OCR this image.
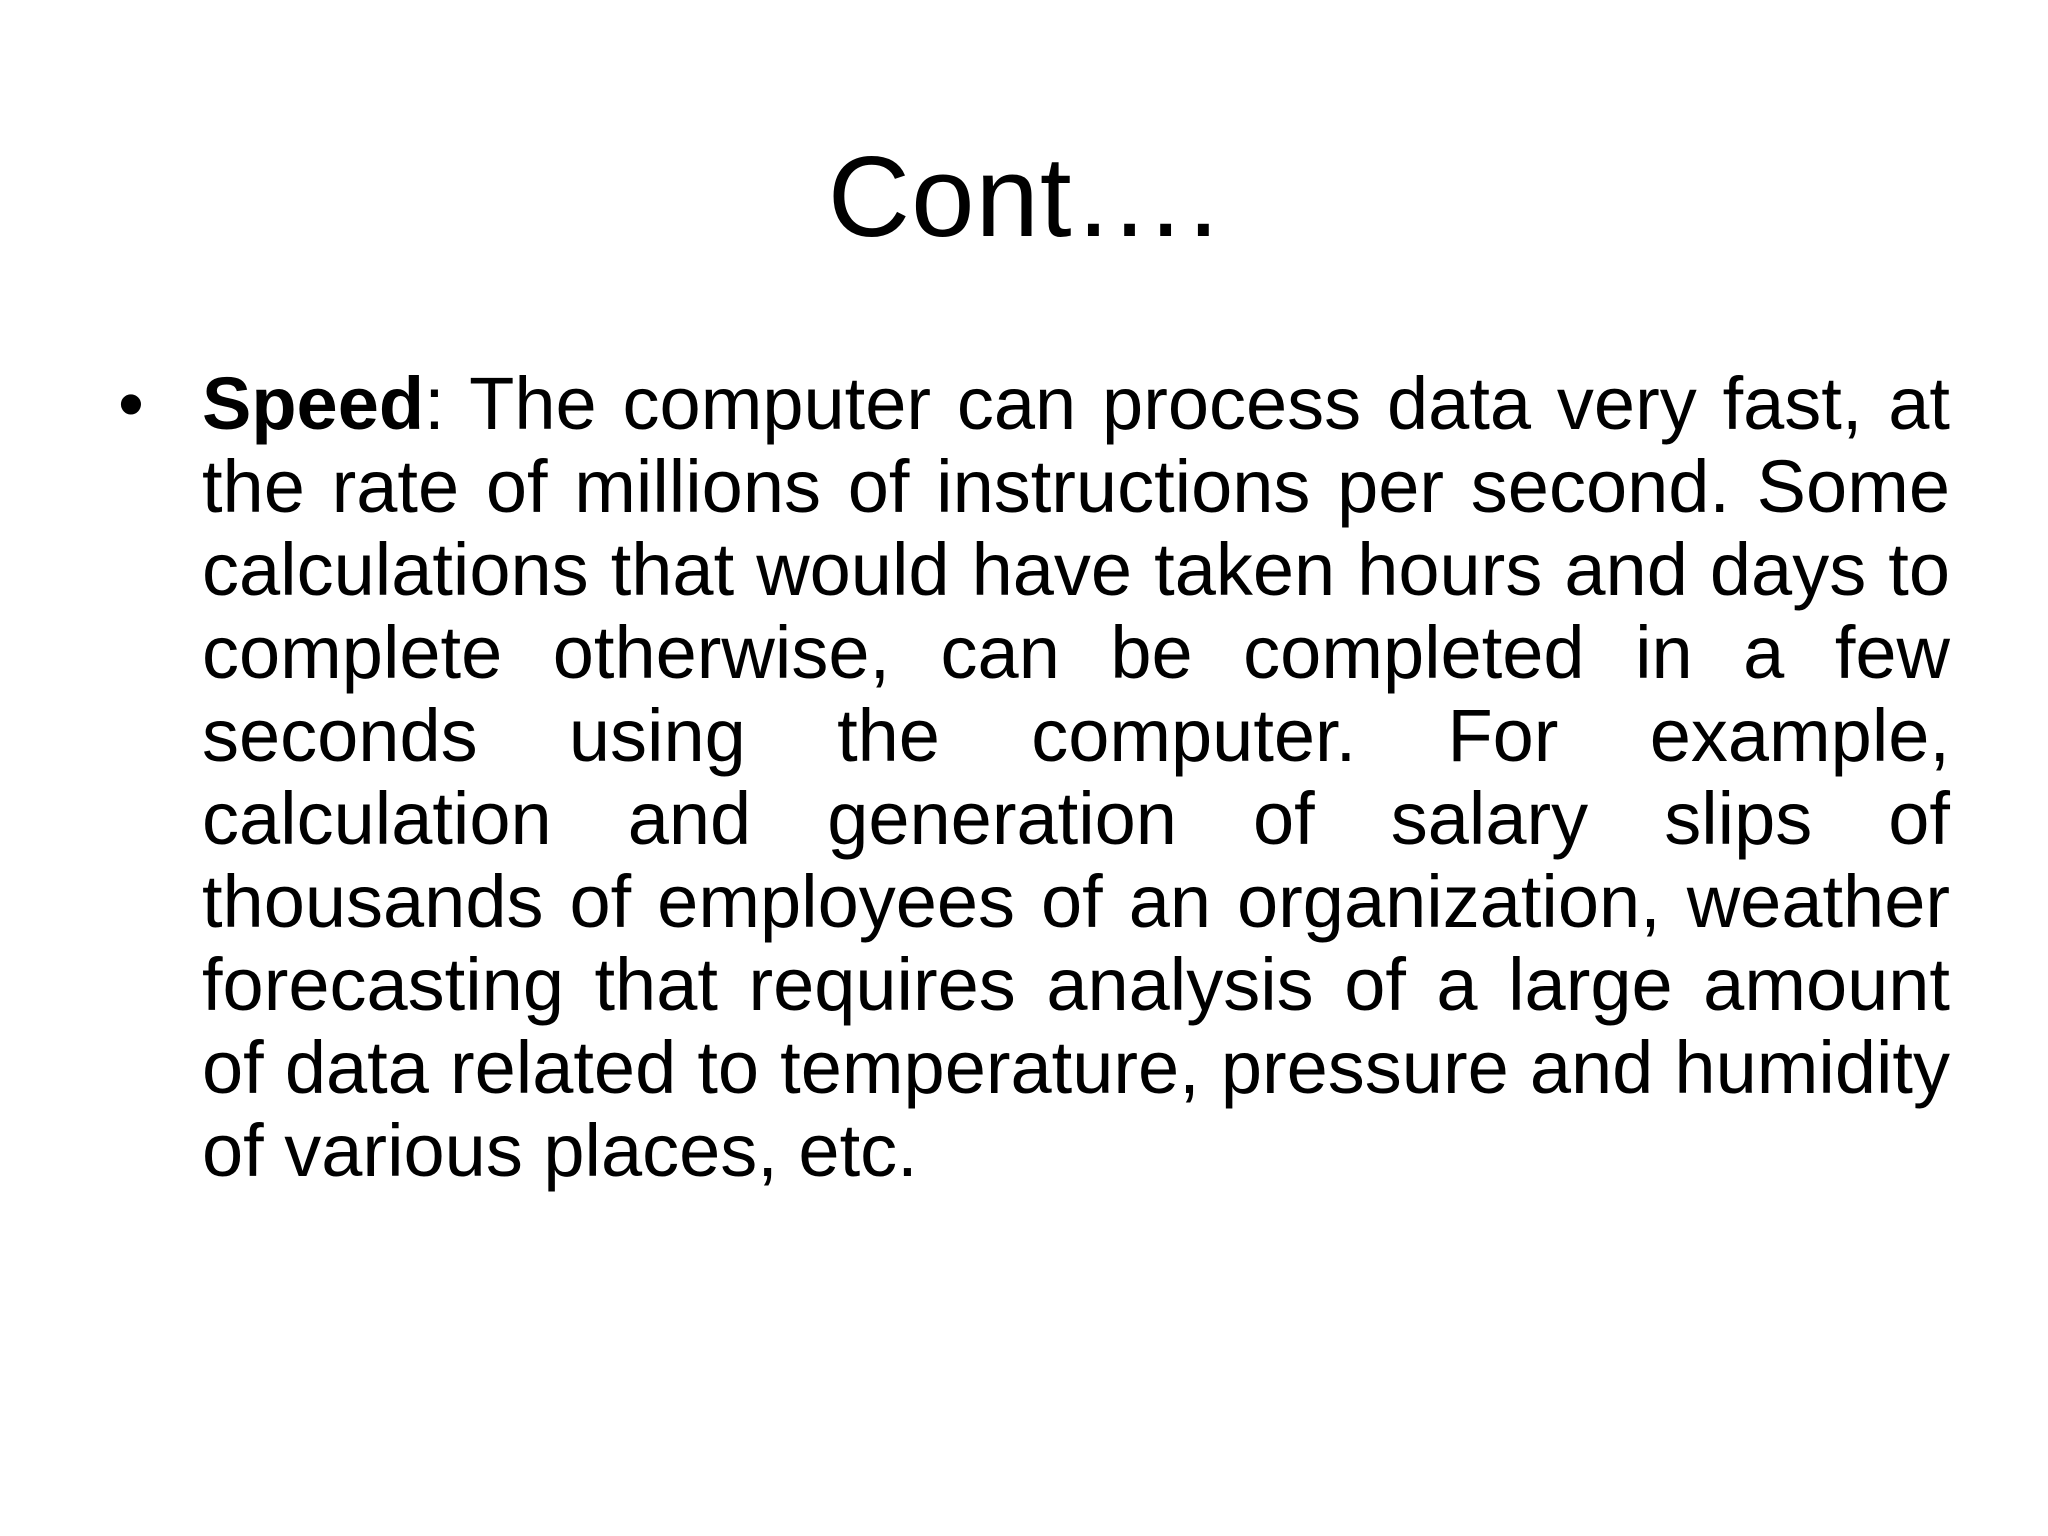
Cont….
• Speed: The computer can process data very fast, at the rate of millions of instructions per second. Some calculations that would have taken hours and days to complete otherwise, can be completed in a few seconds using the computer. For example, calculation and generation of salary slips of thousands of employees of an organization, weather forecasting that requires analysis of a large amount of data related to temperature, pressure and humidity of various places, etc.
